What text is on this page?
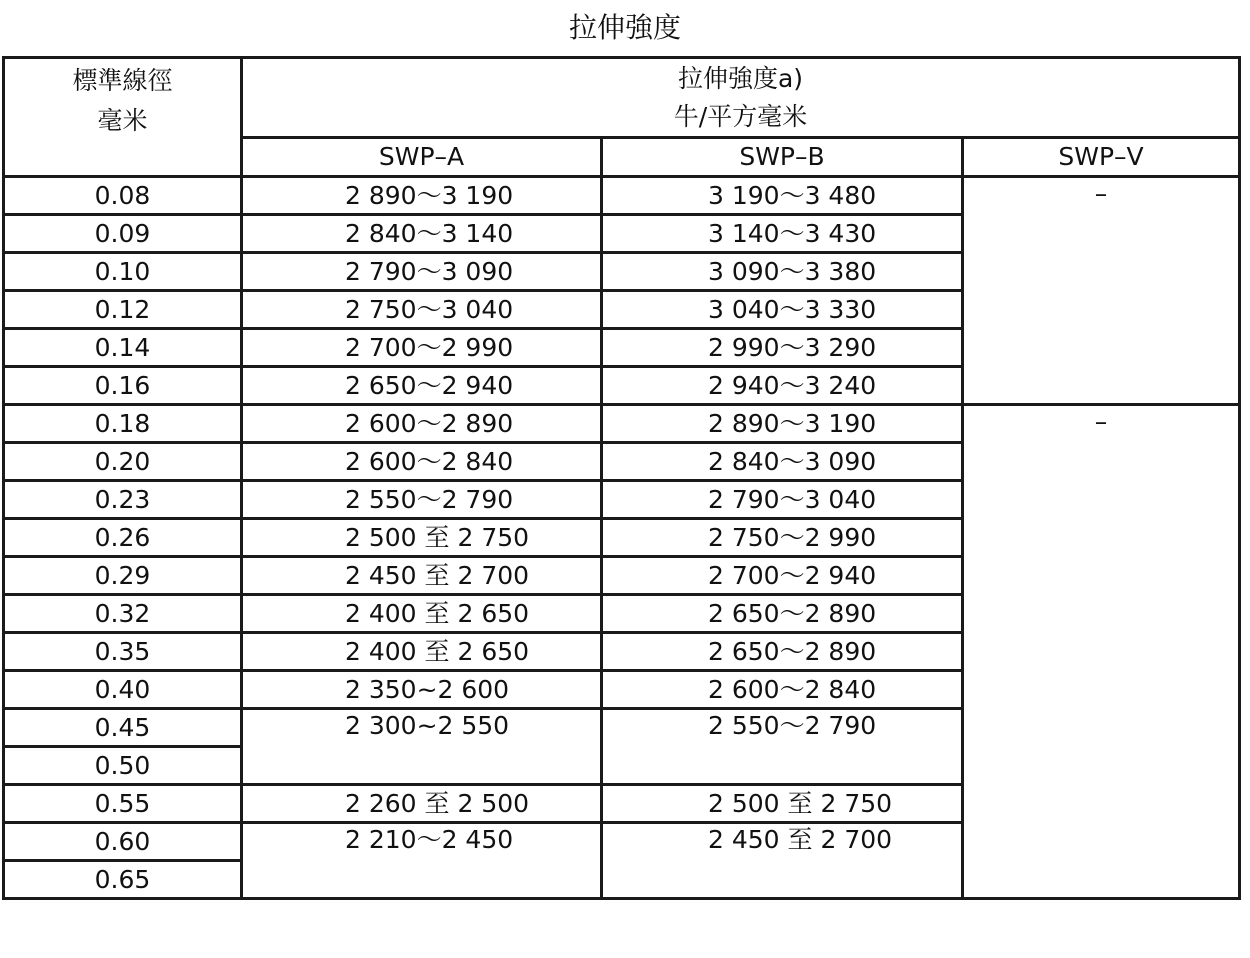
拉伸強度
標準線徑
毫米	拉伸強度a)
牛/平方毫米		

	SWP–A	SWP–B	SWP–V
0.08	2 890～3 190	3 190～3 480	–
0.09	2 840～3 140	3 140～3 430	
0.10	2 790～3 090	3 090～3 380	
0.12	2 750～3 040	3 040～3 330	
0.14	2 700～2 990	2 990～3 290	
0.16	2 650～2 940	2 940～3 240	
0.18	2 600～2 890	2 890～3 190	–
0.20	2 600～2 840	2 840～3 090	
0.23	2 550～2 790	2 790～3 040	
0.26	2 500 至 2 750	2 750～2 990	
0.29	2 450 至 2 700	2 700～2 940	
0.32	2 400 至 2 650	2 650～2 890	
0.35	2 400 至 2 650	2 650～2 890	
0.40	2 350~2 600	2 600～2 840	
0.45	2 300~2 550	2 550～2 790	
0.50			
0.55	2 260 至 2 500	2 500 至 2 750	
0.60	2 210～2 450	2 450 至 2 700	
0.65			
